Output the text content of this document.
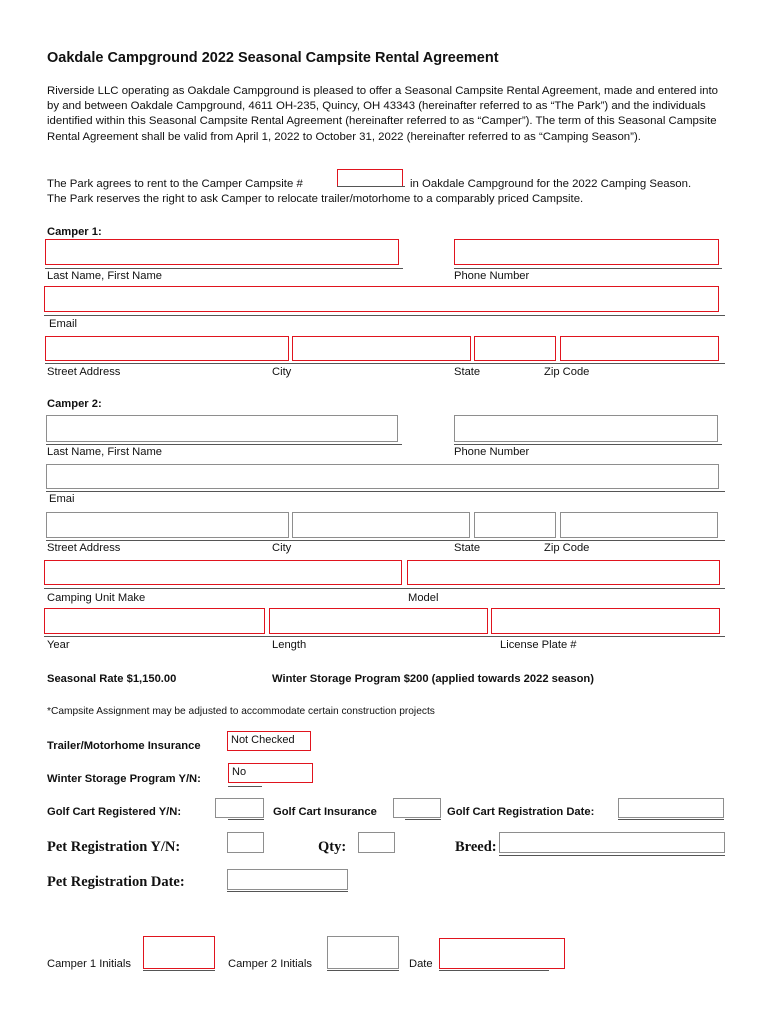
Oakdale Campground 2022 Seasonal Campsite Rental Agreement
Riverside LLC operating as Oakdale Campground is pleased to offer a Seasonal Campsite Rental Agreement, made and entered into by and between Oakdale Campground, 4611 OH-235, Quincy, OH 43343 (hereinafter referred to as “The Park”) and the individuals identified within this Seasonal Campsite Rental Agreement (hereinafter referred to as “Camper”). The term of this Seasonal Campsite Rental Agreement shall be valid from April 1, 2022 to October 31, 2022 (hereinafter referred to as “Camping Season”).
The Park agrees to rent to the Camper Campsite #	in Oakdale Campground for the 2022 Camping Season.
The Park reserves the right to ask Camper to relocate trailer/motorhome to a comparably priced Campsite.
Camper 1:
Last Name, First Name	Phone Number
Email
Street Address	City	State	Zip Code
Camper 2:
Last Name, First Name	Phone Number
Emai
Street Address	City	State	Zip Code
Camping Unit Make	Model
Year	Length	License Plate #
Seasonal Rate $1,150.00	Winter Storage Program $200 (applied towards 2022 season)
*Campsite Assignment may be adjusted to accommodate certain construction projects
Trailer/Motorhome Insurance	Not Checked
Winter Storage Program Y/N:
No
Golf Cart Registered Y/N:	Golf Cart Insurance	Golf Cart Registration Date:
Pet Registration Y/N:	Qty:	Breed:
Pet Registration Date:
Camper 1 Initials	Camper 2 Initials	Date
